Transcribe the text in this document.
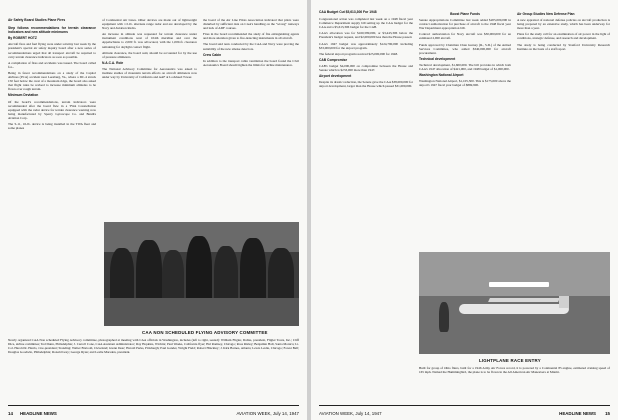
Air Safety Board Studies Plane Fires

Step follows recommendations for terrain clearance indicators and new altitude minimums

By ROBERT HOTZ

Aircraft fires and fuel flying were under scrutiny last week by the president's special air safety inquiry board after a new series of recommendations urged that all transport aircraft be required to carry terrain clearance indicators as soon as possible.

A compilation of fires and accidents was issued. The board called for...

Being in fewer recommendations on a study of the Capitol Airlines (PCA) accident near Leesburg, Va., where a DC-4 struck 150 feet below the crest of a mountain ridge, the board also asked that flight rules be revised to increase minimum altitudes to be flown over rough terrain.

Minimum Deviation

Of the board's recommendations, terrain indicators were recommended after the board flew in a TWA Constellation equipped with the radar device for terrain clearance warning now being manufactured by Sperry Gyroscope Co. and Bendix Aviation Corp.

The S-11, 16-lb. device is being installed in the TWA fleet and some planes

of Continental Air Lines. Other devices are made out of lightweight equipment with 1.5-lb. alternate range radar and are developed by the Navy and Aviation Radio.

An increase in altitude was requested for terrain clearance under instrument conditions west of 104th meridian and over the Appalachians to 2,000 ft. was advocated, with the 1,000-ft. clearance remaining for daylight contact flight.

Altitude clearance, the board said, should be accounted for by the use of pressure altimeters.

N.A.C.A. Role

The National Advisory Committee for Aeronautics was asked to institute studies of mountain terrain effects on aircraft altimeters now under way by University of California and AAF at Lockheed Tower.

the board of the Air Line Pilots Association indicated that pilots were disturbed by sufficient data on CAA's handling on the "wrong" runways and lack of ADF courses.

Fires in the board recommended the study of fire extinguishing agents and more attention given to fire-detecting instruments in all aircraft.

The board said tests conducted by the CAA and Navy were proving the suitability of the new smoke detectors.

Crew Cabin

In addition to the transport cabin ventilation the board found the Civil Aeronautics Board should tighten the limits for airline maintenance.

CAA NON SCHEDULED FLYING ADVISORY COMMITTEE
Newly organized CAA Non scheduled Flying Advisory committee, photographed at meeting with CAA officials in Washington, includes (left to right, seated): William Fligler, Dallas, president, Fligler Tours, Inc.; Cliff Dice, airline committee; Ted Dunn, Philadelphia; J. Carroll Cone, CAA Assistant Administrator; Ray Hopkins, Wichita; Paul Weeks, California flyer; Hal Ramsey, Chicago; Ross Rizley; Benjamin Hall, Santa Monica; Lt. Col. Harold R. Harris, vice-president; Standing: Walter Bruvold, Cleveland; Glenn Dear; Harold Parks, Pittsburgh; Paul Gander, Wright Field; Robert Hinckley; J. Kirk Barnes, Atlanta; Lewis Leslie, Chicago; Forest Bell; Douglas Goodwin, Philadelphia; Ronald Grey; George Ryan; and Leslie Marsden, president.
14 HEADLINE NEWS	AVIATION WEEK, July 14, 1947

CAA Budget Cut $5,613,306 For 1948

Congressional action was completed last week on a 1948 fiscal year Commerce Department supply bill setting up the CAA budget for the CAA and a $5,613,306 budget for the CAB.

CAA's allocation was for $160,589,000, or $3,443,306 below the President's budget request, and $2,000,000 less than the House passed.

CAA's 1947 budget was approximately $124,790,000 including $33,000,000 for the airport program.

The federal airport program received $25,000,000 for 1948.

CAB Compromise

CAB's budget $4,000,000 on compromise between the House and Senate which is $233,000 more than 1947.

Airport development

Despite its drastic reduction, the Senate gave the CAA $38,000,000 for airport development, larger than the House which passed $31,000,000.

Boost Plane Funds

Senate Appropriations Committee last week added $205,000,000 in contract authorization for purchase of aircraft to the 1948 fiscal year War Department appropriation bill.

Contract authorization for Navy aircraft was $30,000,000 for an estimated 2,900 aircraft.

Funds approved by Chairman Chan Gurney (R., S.D.) of the Armed Services Committee, who added $340,000,000 for aircraft procurement.

Technical development

Technical development, $1,600,000. The bill provides in which both CAA's 1947 allocation of $421,000, and 1948 budget of $1,000,000.

Washington National Airport

Washington National Airport, $1,105,300. This is $175,000 above the airport's 1947 fiscal year budget of $869,900.

Air Group Studies New Defense Plan

A new appraisal of national defense policies on aircraft production is being prepared by an extensive study, which has been underway for more than a year.

Plans for the study call for an examination of air power in the light of conditions, strategic defense, and research and development.

The study is being conducted by Stanford University Research Institute on the basis of a staff report.

LIGHTPLANE RACE ENTRY
Built for group of Ohio fliers, built for a 1946 Army Air Forces record, it is powered by a Continental 85 engine, estimated cruising speed of 165 mph. Named the Hummingbird, the plane is to be flown in the All American Air Maneuvers at Miami.
AVIATION WEEK, July 14, 1947	HEADLINE NEWS 15
